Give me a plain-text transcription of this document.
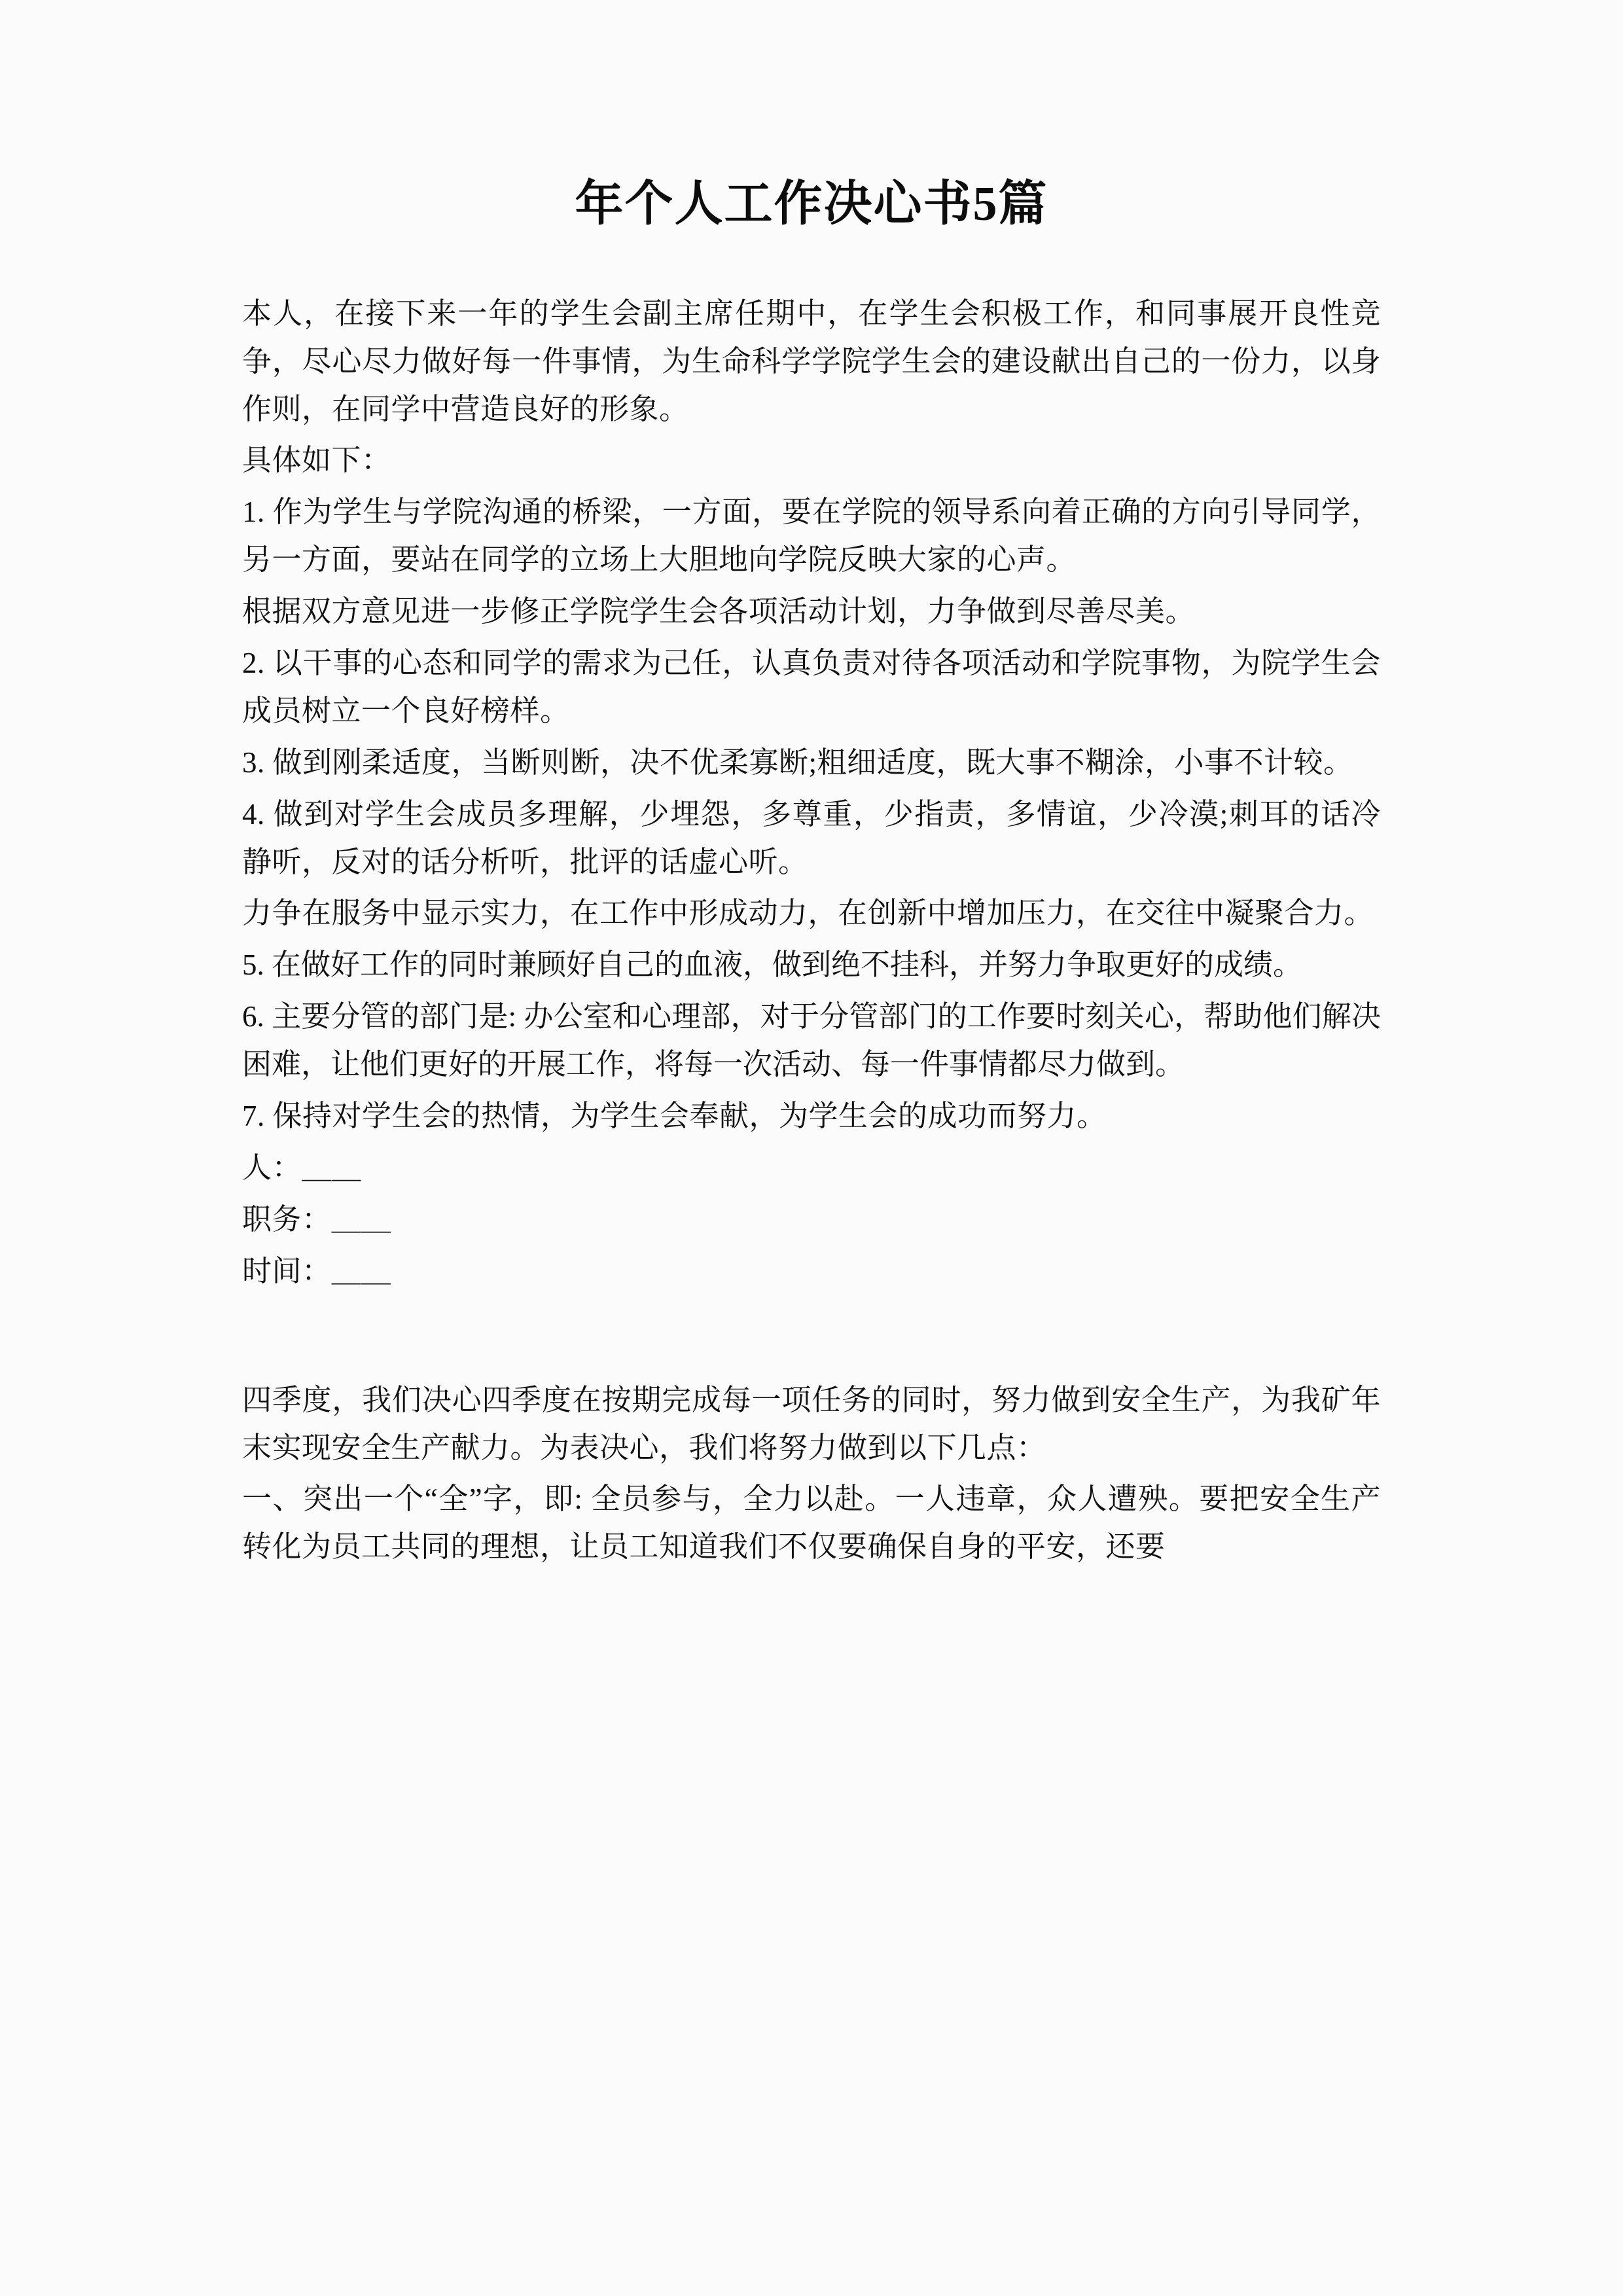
年个人工作决心书5篇

本人，在接下来一年的学生会副主席任期中，在学生会积极工作，和同事展开良性竞争，尽心尽力做好每一件事情，为生命科学学院学生会的建设献出自己的一份力，以身作则，在同学中营造良好的形象。

具体如下：

1. 作为学生与学院沟通的桥梁，一方面，要在学院的领导系向着正确的方向引导同学，另一方面，要站在同学的立场上大胆地向学院反映大家的心声。

根据双方意见进一步修正学院学生会各项活动计划，力争做到尽善尽美。

2. 以干事的心态和同学的需求为己任，认真负责对待各项活动和学院事物，为院学生会成员树立一个良好榜样。

3. 做到刚柔适度，当断则断，决不优柔寡断;粗细适度，既大事不糊涂，小事不计较。

4. 做到对学生会成员多理解，少埋怨，多尊重，少指责，多情谊，少冷漠;刺耳的话冷静听，反对的话分析听，批评的话虚心听。

力争在服务中显示实力，在工作中形成动力，在创新中增加压力，在交往中凝聚合力。

5. 在做好工作的同时兼顾好自己的血液，做到绝不挂科，并努力争取更好的成绩。

6. 主要分管的部门是: 办公室和心理部，对于分管部门的工作要时刻关心，帮助他们解决困难，让他们更好的开展工作，将每一次活动、每一件事情都尽力做到。

7. 保持对学生会的热情，为学生会奉献，为学生会的成功而努力。

人：＿＿

职务：＿＿

时间：＿＿

四季度，我们决心四季度在按期完成每一项任务的同时，努力做到安全生产，为我矿年末实现安全生产献力。为表决心，我们将努力做到以下几点：

一、突出一个“全”字，即: 全员参与，全力以赴。一人违章，众人遭殃。要把安全生产转化为员工共同的理想，让员工知道我们不仅要确保自身的平安，还要
